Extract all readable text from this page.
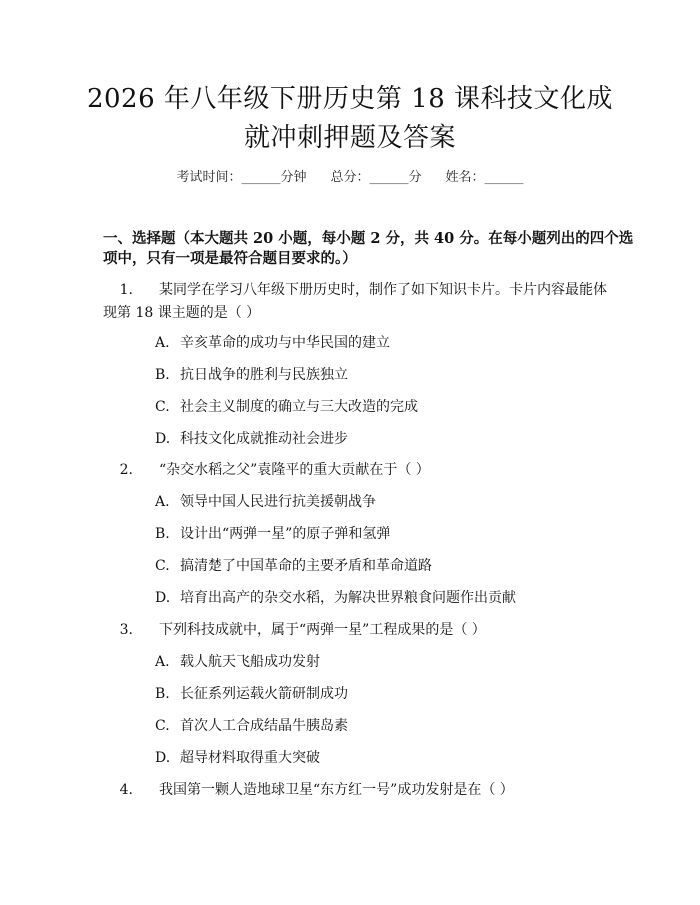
2026 年八年级下册历史第 18 课科技文化成
就冲刺押题及答案
考试时间：______分钟 总分：______分 姓名：______
一、选择题（本大题共 20 小题，每小题 2 分，共 40 分。在每小题列出的四个选
项中，只有一项是最符合题目要求的。）
1. 某同学在学习八年级下册历史时，制作了如下知识卡片。卡片内容最能体
现第 18 课主题的是（ ）
A. 辛亥革命的成功与中华民国的建立
B. 抗日战争的胜利与民族独立
C. 社会主义制度的确立与三大改造的完成
D. 科技文化成就推动社会进步
2. “杂交水稻之父”袁隆平的重大贡献在于（ ）
A. 领导中国人民进行抗美援朝战争
B. 设计出“两弹一星”的原子弹和氢弹
C. 搞清楚了中国革命的主要矛盾和革命道路
D. 培育出高产的杂交水稻，为解决世界粮食问题作出贡献
3. 下列科技成就中，属于“两弹一星”工程成果的是（ ）
A. 载人航天飞船成功发射
B. 长征系列运载火箭研制成功
C. 首次人工合成结晶牛胰岛素
D. 超导材料取得重大突破
4. 我国第一颗人造地球卫星“东方红一号”成功发射是在（ ）
